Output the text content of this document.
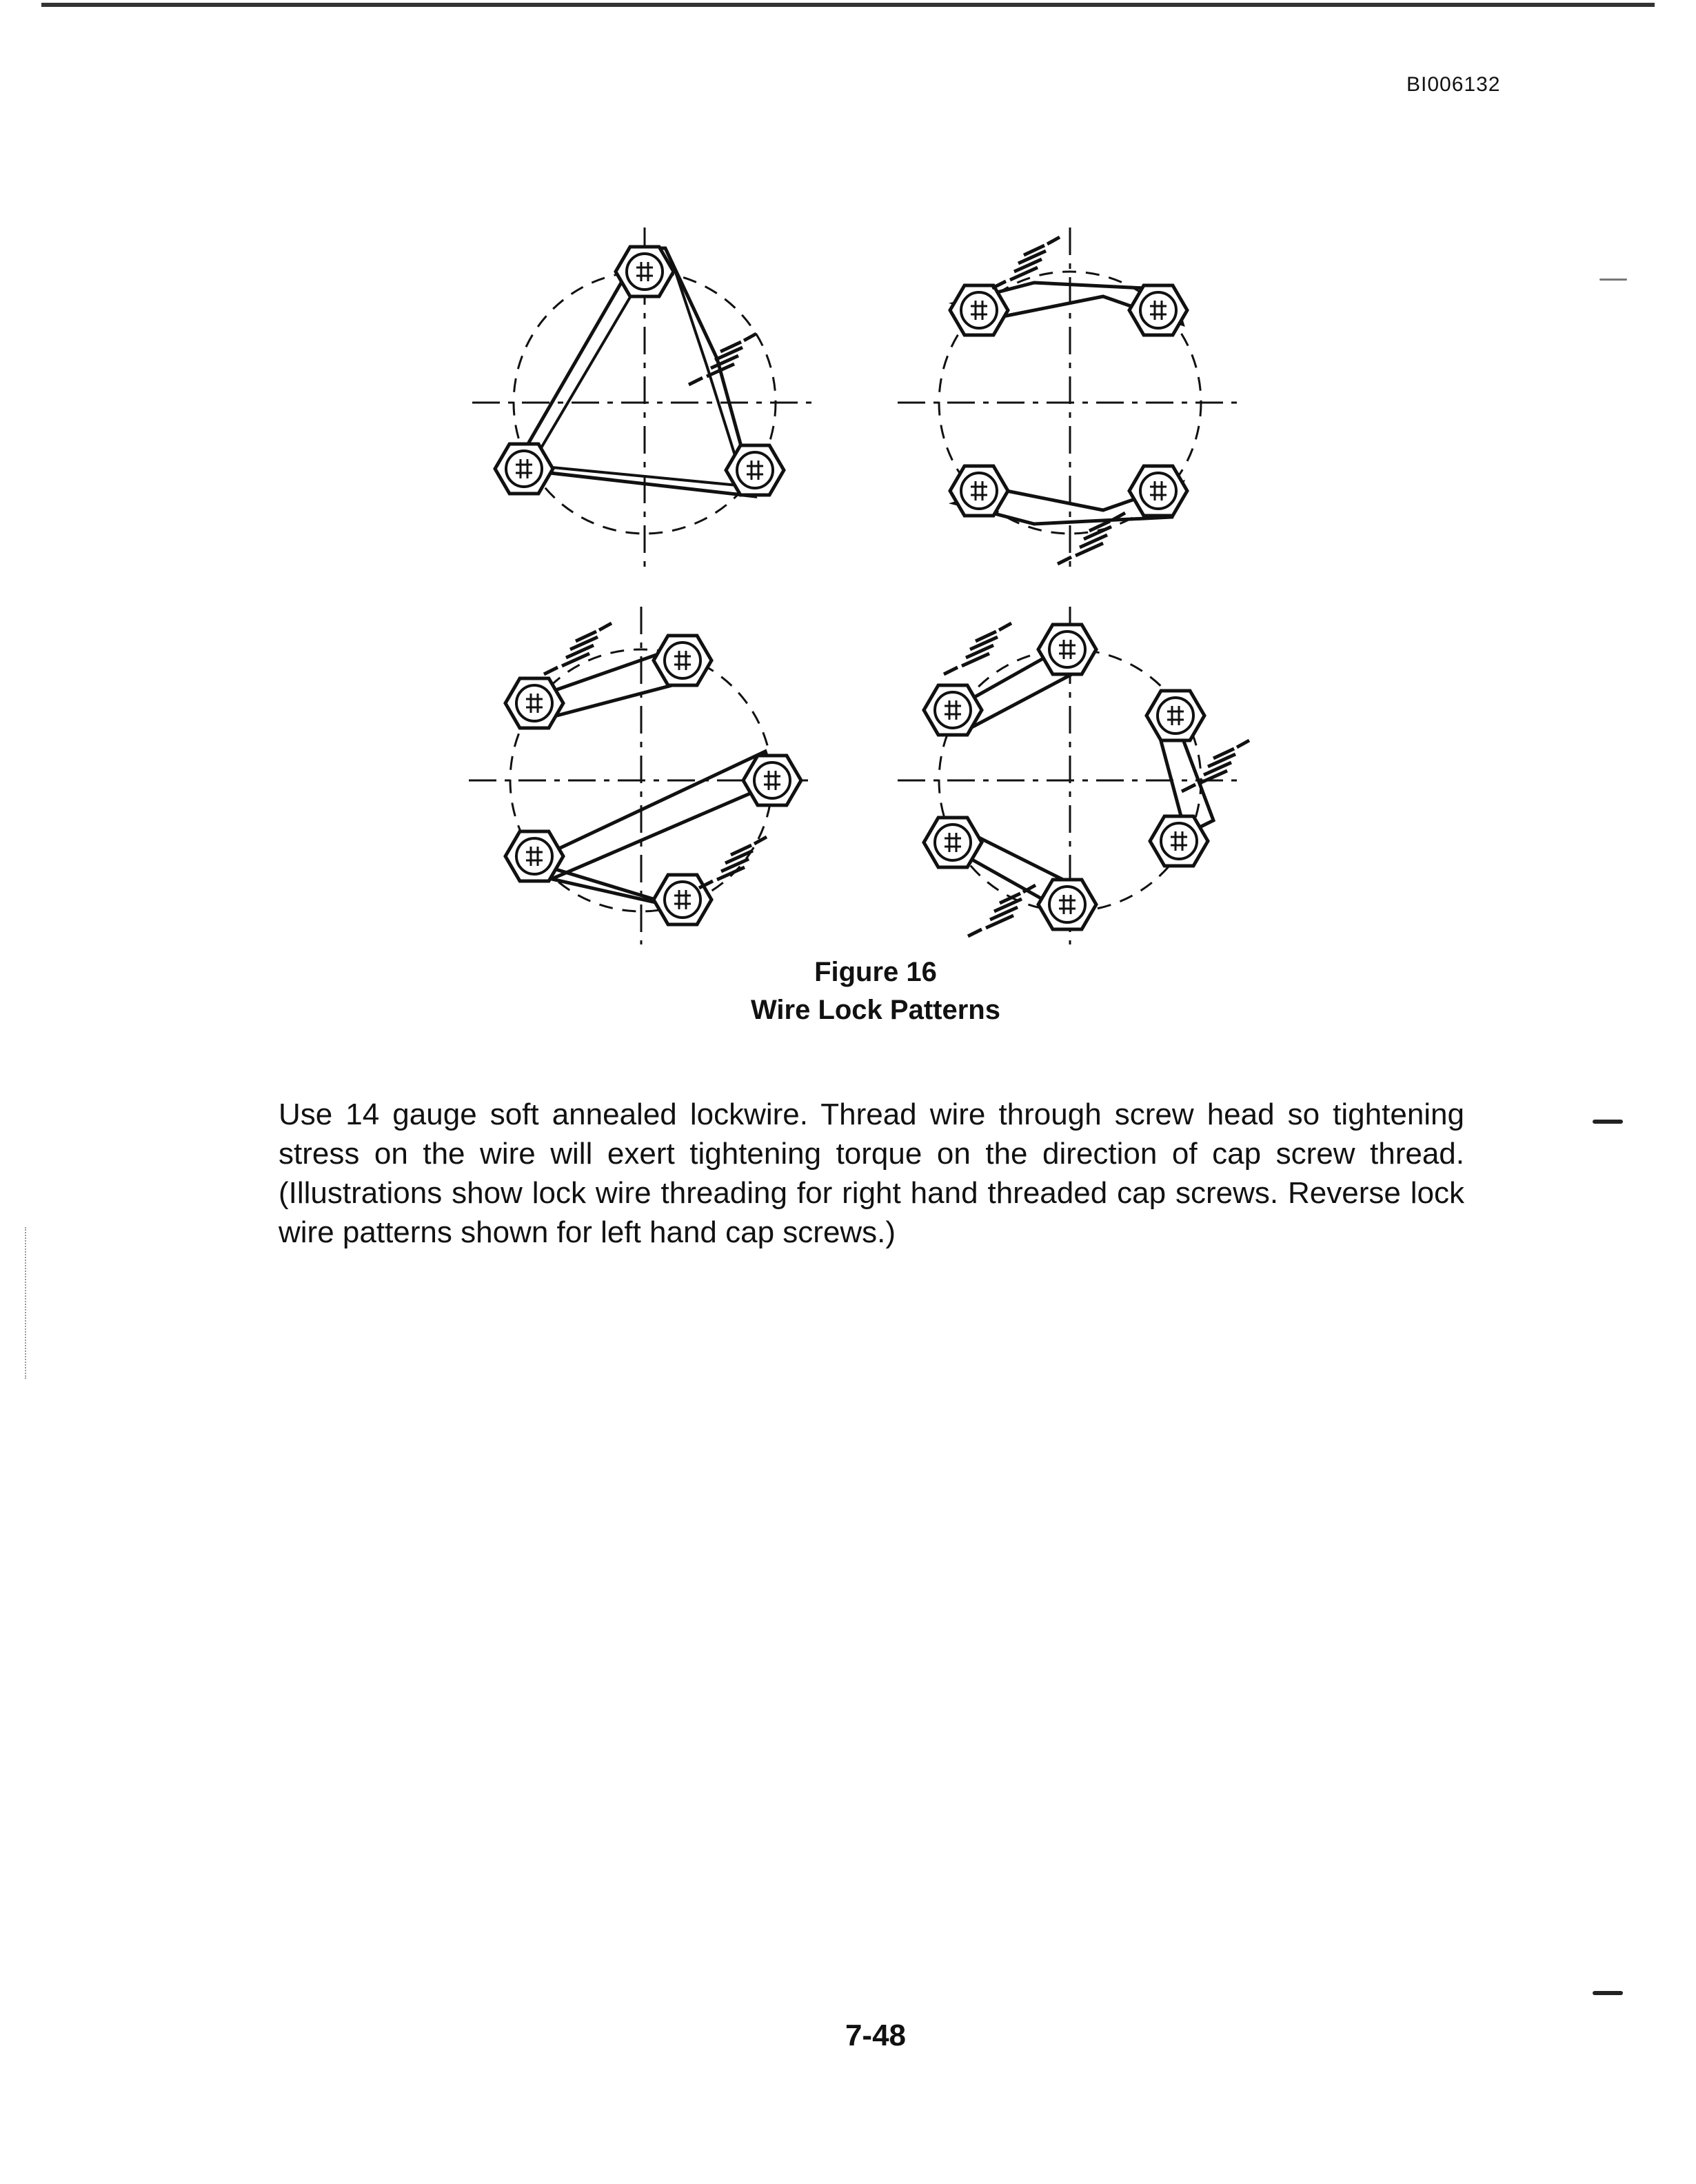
BI006132
Figure 16
Wire Lock Patterns
Use 14 gauge soft annealed lockwire. Thread wire through screw head so tightening stress on the wire will exert tightening torque on the direction of cap screw thread. (Illustrations show lock wire threading for right hand threaded cap screws. Reverse lock wire patterns shown for left hand cap screws.)
7-48
